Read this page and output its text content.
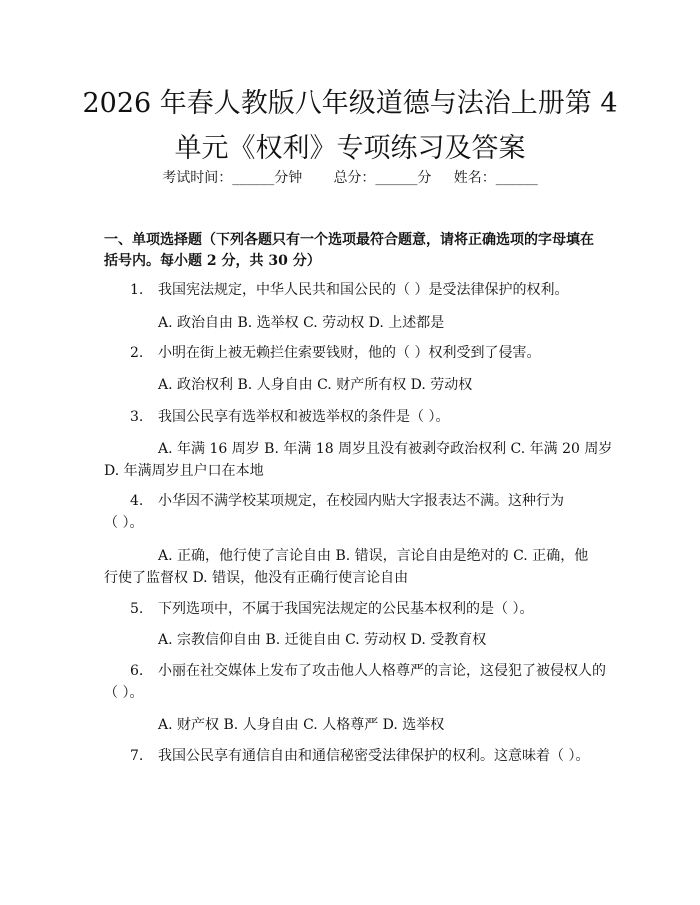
2026 年春人教版八年级道德与法治上册第 4
单元《权利》专项练习及答案
考试时间：______分钟 总分：______分 姓名：______

一、单项选择题（下列各题只有一个选项最符合题意，请将正确选项的字母填在

括号内。每小题 2 分，共 30 分）

1. 我国宪法规定，中华人民共和国公民的（ ）是受法律保护的权利。
A. 政治自由 B. 选举权 C. 劳动权 D. 上述都是
2. 小明在街上被无赖拦住索要钱财，他的（ ）权利受到了侵害。
A. 政治权利 B. 人身自由 C. 财产所有权 D. 劳动权
3. 我国公民享有选举权和被选举权的条件是（ ）。
A. 年满 16 周岁 B. 年满 18 周岁且没有被剥夺政治权利 C. 年满 20 周岁
D. 年满周岁且户口在本地
4. 小华因不满学校某项规定，在校园内贴大字报表达不满。这种行为
（ ）。
A. 正确，他行使了言论自由 B. 错误，言论自由是绝对的 C. 正确，他
行使了监督权 D. 错误，他没有正确行使言论自由
5. 下列选项中，不属于我国宪法规定的公民基本权利的是（ ）。
A. 宗教信仰自由 B. 迁徙自由 C. 劳动权 D. 受教育权
6. 小丽在社交媒体上发布了攻击他人人格尊严的言论，这侵犯了被侵权人的
（ ）。
A. 财产权 B. 人身自由 C. 人格尊严 D. 选举权
7. 我国公民享有通信自由和通信秘密受法律保护的权利。这意味着（ ）。
